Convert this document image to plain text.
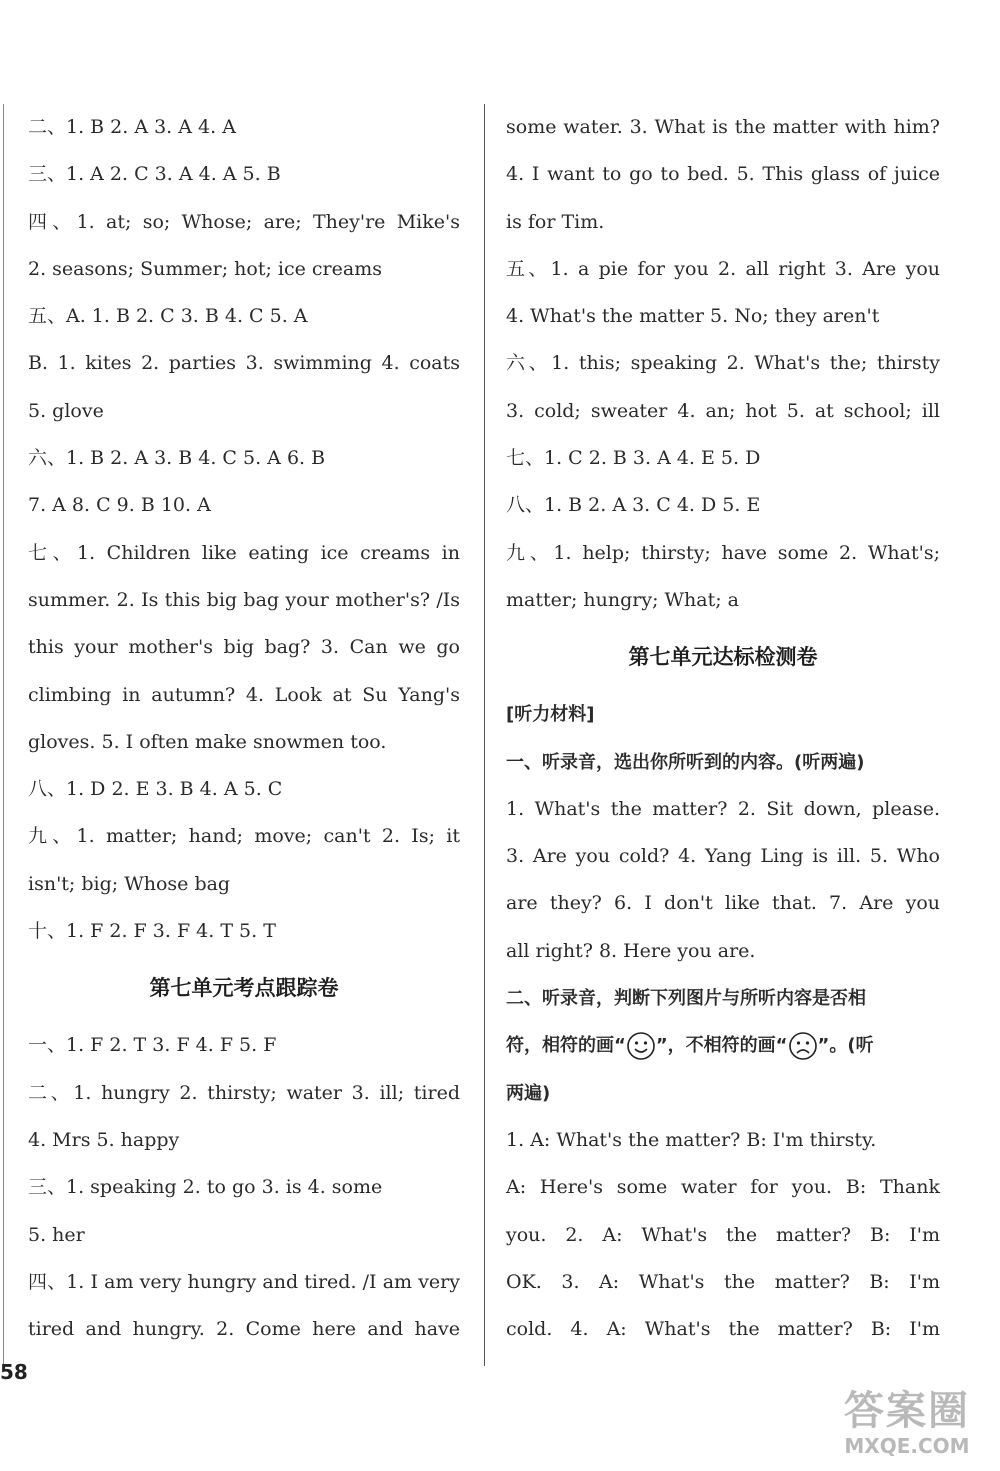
二、1. B 2. A 3. A 4. A
三、1. A 2. C 3. A 4. A 5. B
四、1. at; so; Whose; are; They're Mike's
2. seasons; Summer; hot; ice creams
五、A. 1. B 2. C 3. B 4. C 5. A
B. 1. kites 2. parties 3. swimming 4. coats
5. glove
六、1. B 2. A 3. B 4. C 5. A 6. B
7. A 8. C 9. B 10. A
七、1. Children like eating ice creams in
summer. 2. Is this big bag your mother's? /Is
this your mother's big bag? 3. Can we go
climbing in autumn? 4. Look at Su Yang's
gloves. 5. I often make snowmen too.
八、1. D 2. E 3. B 4. A 5. C
九、1. matter; hand; move; can't 2. Is; it
isn't; big; Whose bag
十、1. F 2. F 3. F 4. T 5. T
第七单元考点跟踪卷
一、1. F 2. T 3. F 4. F 5. F
二、1. hungry 2. thirsty; water 3. ill; tired
4. Mrs 5. happy
三、1. speaking 2. to go 3. is 4. some
5. her
四、1. I am very hungry and tired. /I am very
tired and hungry. 2. Come here and have
some water. 3. What is the matter with him?
4. I want to go to bed. 5. This glass of juice
is for Tim.
五、1. a pie for you 2. all right 3. Are you
4. What's the matter 5. No; they aren't
六、1. this; speaking 2. What's the; thirsty
3. cold; sweater 4. an; hot 5. at school; ill
七、1. C 2. B 3. A 4. E 5. D
八、1. B 2. A 3. C 4. D 5. E
九、1. help; thirsty; have some 2. What's;
matter; hungry; What; a
第七单元达标检测卷
[听力材料]
一、听录音，选出你所听到的内容。(听两遍)
1. What's the matter? 2. Sit down, please.
3. Are you cold? 4. Yang Ling is ill. 5. Who
are they? 6. I don't like that. 7. Are you
all right? 8. Here you are.
二、听录音，判断下列图片与所听内容是否相
符，相符的画“ ”，不相符的画“ ”。(听
两遍)
1. A: What's the matter? B: I'm thirsty.
A: Here's some water for you. B: Thank
you. 2. A: What's the matter? B: I'm
OK. 3. A: What's the matter? B: I'm
cold. 4. A: What's the matter? B: I'm
58
答案圈
MXQE.COM
